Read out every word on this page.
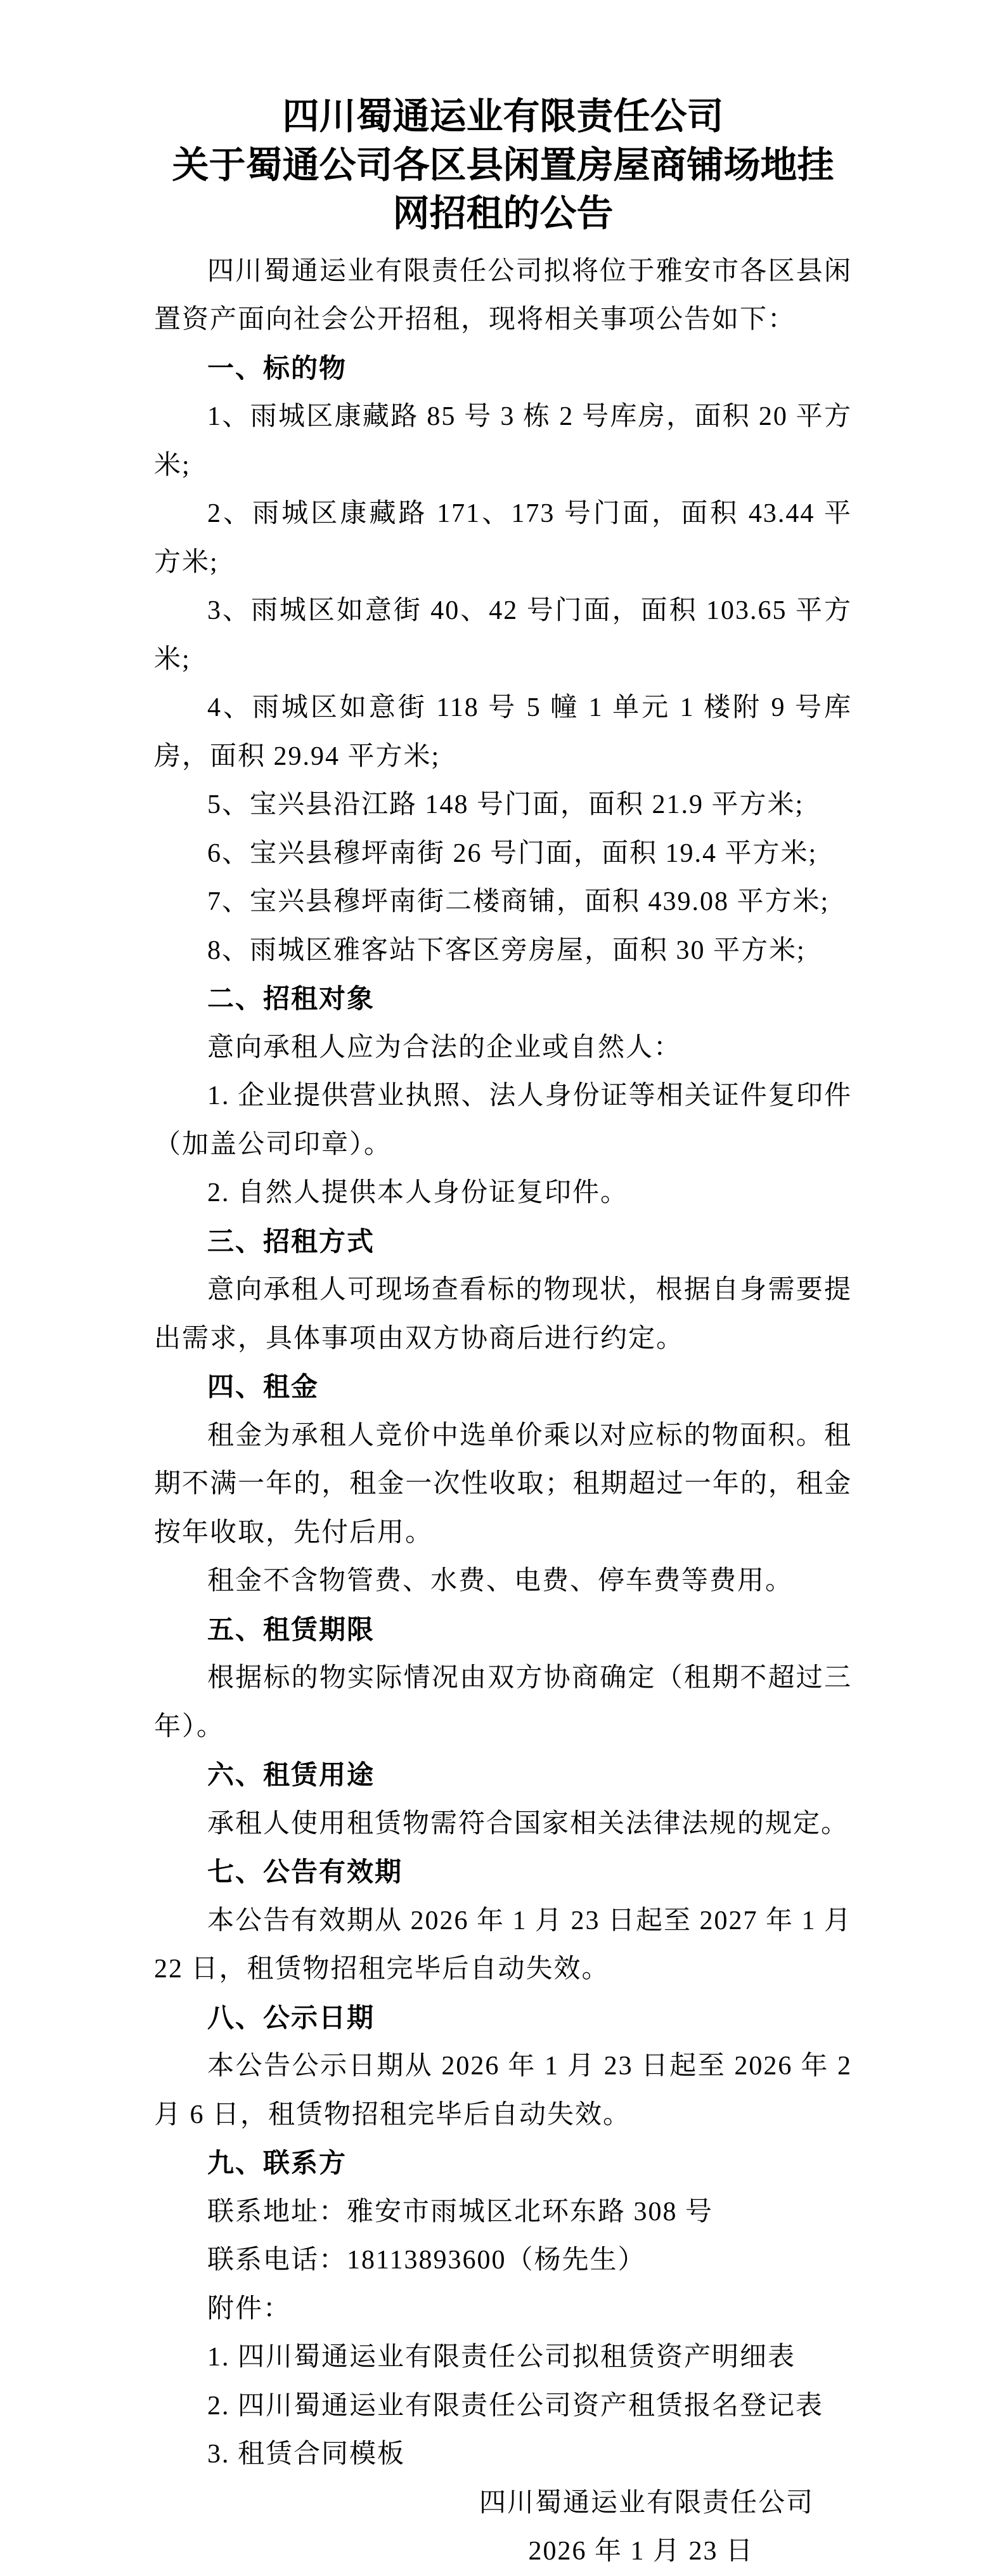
四川蜀通运业有限责任公司
关于蜀通公司各区县闲置房屋商铺场地挂网招租的公告

四川蜀通运业有限责任公司拟将位于雅安市各区县闲置资产面向社会公开招租，现将相关事项公告如下：

一、标的物

1、雨城区康藏路 85 号 3 栋 2 号库房，面积 20 平方米;

2、雨城区康藏路 171、173 号门面，面积 43.44 平方米;

3、雨城区如意街 40、42 号门面，面积 103.65 平方米;

4、雨城区如意街 118 号 5 幢 1 单元 1 楼附 9 号库房，面积 29.94 平方米;

5、宝兴县沿江路 148 号门面，面积 21.9 平方米;

6、宝兴县穆坪南街 26 号门面，面积 19.4 平方米;

7、宝兴县穆坪南街二楼商铺，面积 439.08 平方米;

8、雨城区雅客站下客区旁房屋，面积 30 平方米;

二、招租对象

意向承租人应为合法的企业或自然人：

1. 企业提供营业执照、法人身份证等相关证件复印件（加盖公司印章）。

2. 自然人提供本人身份证复印件。

三、招租方式

意向承租人可现场查看标的物现状，根据自身需要提出需求，具体事项由双方协商后进行约定。

四、租金

租金为承租人竞价中选单价乘以对应标的物面积。租期不满一年的，租金一次性收取；租期超过一年的，租金按年收取，先付后用。

租金不含物管费、水费、电费、停车费等费用。

五、租赁期限

根据标的物实际情况由双方协商确定（租期不超过三年）。

六、租赁用途

承租人使用租赁物需符合国家相关法律法规的规定。

七、公告有效期

本公告有效期从 2026 年 1 月 23 日起至 2027 年 1 月 22 日，租赁物招租完毕后自动失效。

八、公示日期

本公告公示日期从 2026 年 1 月 23 日起至 2026 年 2 月 6 日，租赁物招租完毕后自动失效。

九、联系方

联系地址：雅安市雨城区北环东路 308 号

联系电话：18113893600（杨先生）

附件：

1. 四川蜀通运业有限责任公司拟租赁资产明细表

2. 四川蜀通运业有限责任公司资产租赁报名登记表

3. 租赁合同模板

四川蜀通运业有限责任公司

2026 年 1 月 23 日
